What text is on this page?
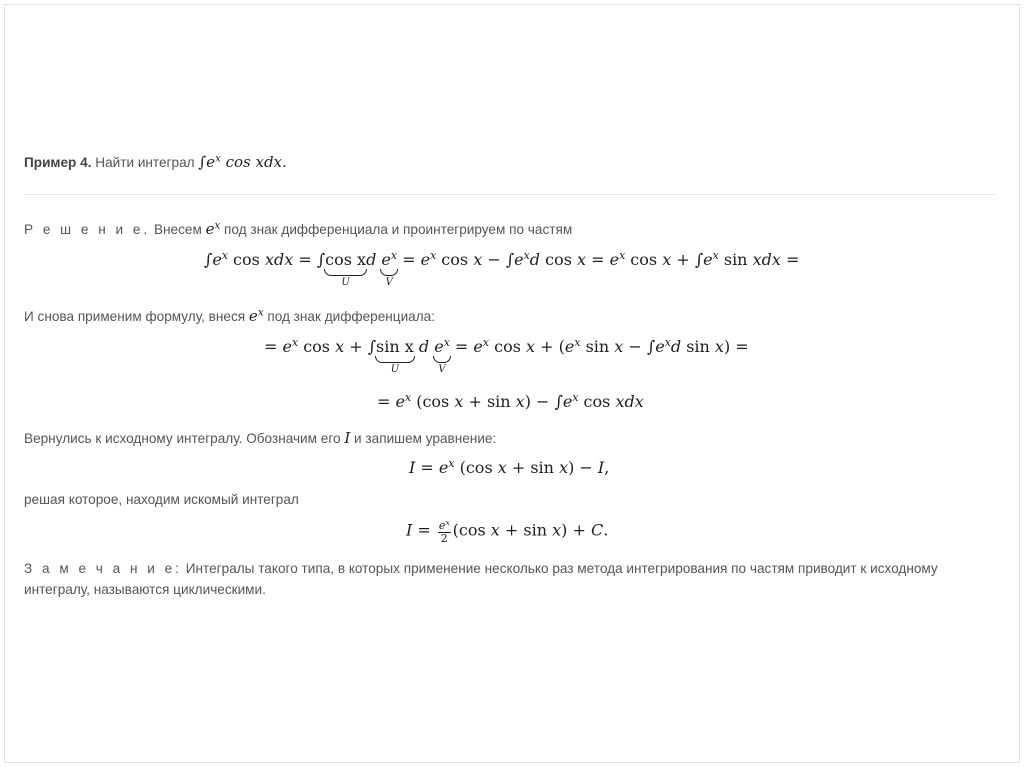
Пример 4. Найти интеграл $\int e^x$ cos xdx.
Р е ш е н и е. Внесем $e^x$ под знак дифференциала и проинтегрируем по частям
$\int e^x$ cos xdx = ∫cos x
U
d $e^x$
V
= $e^x$ $\cos x - \int e^xd$ $\cos x = e^x$ $\cos x + \int e^x$ sin xdx =
И снова применим формулу, внеся $e^x$ под знак дифференциала:
= $e^x$ cos x + ∫sin x
U
d $e^x$
V
= $e^x$ $\cos x + (e^x$ $\sin x - \int e^xd$ sin x) =
= $e^x$ (cos $x + \sin x) - \int e^x$ cos xdx
Вернулись к исходному интегралу. Обозначим его I и запишем уравнение:
$I = e^x$ (cos x + sin x) − I,
решая которое, находим искомый интеграл
$I = \frac{e^x}{2} (\cos$ x + sin x) + C.
З а м е ч а н и е: Интегралы такого типа, в которых применение несколько раз метода интегрирования по частям приводит к исходному интегралу, называются циклическими.
